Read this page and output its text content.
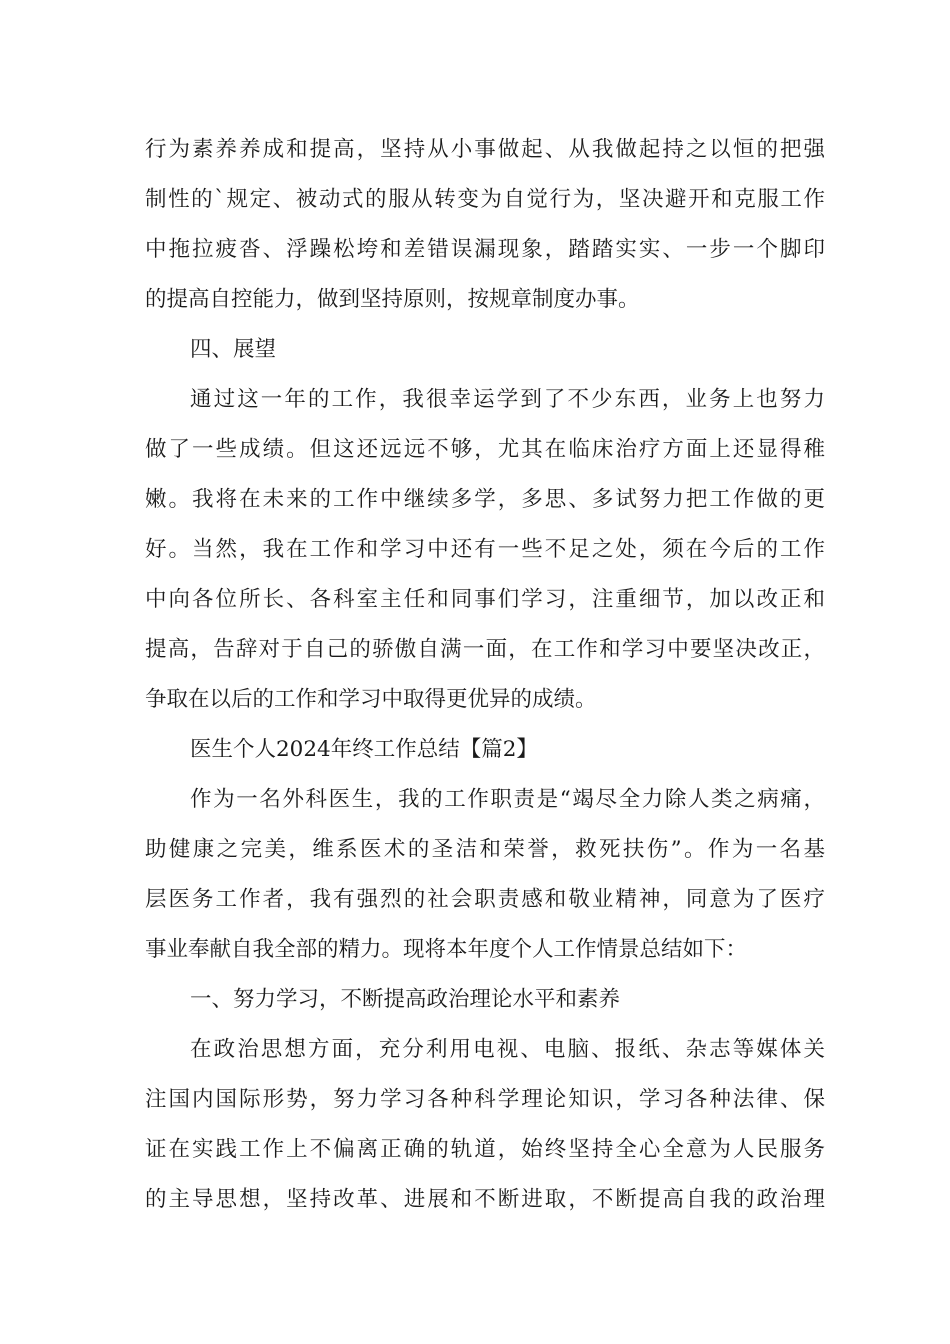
行为素养养成和提高，坚持从小事做起、从我做起持之以恒的把强
制性的`规定、被动式的服从转变为自觉行为，坚决避开和克服工作
中拖拉疲沓、浮躁松垮和差错误漏现象，踏踏实实、一步一个脚印
的提高自控能力，做到坚持原则，按规章制度办事。
四、展望
通过这一年的工作，我很幸运学到了不少东西，业务上也努力
做了一些成绩。但这还远远不够，尤其在临床治疗方面上还显得稚
嫩。我将在未来的工作中继续多学，多思、多试努力把工作做的更
好。当然，我在工作和学习中还有一些不足之处，须在今后的工作
中向各位所长、各科室主任和同事们学习，注重细节，加以改正和
提高，告辞对于自己的骄傲自满一面，在工作和学习中要坚决改正，
争取在以后的工作和学习中取得更优异的成绩。
医生个人2024年终工作总结【篇2】
作为一名外科医生，我的工作职责是“竭尽全力除人类之病痛，
助健康之完美，维系医术的圣洁和荣誉，救死扶伤”。作为一名基
层医务工作者，我有强烈的社会职责感和敬业精神，同意为了医疗
事业奉献自我全部的精力。现将本年度个人工作情景总结如下：
一、努力学习，不断提高政治理论水平和素养
在政治思想方面，充分利用电视、电脑、报纸、杂志等媒体关
注国内国际形势，努力学习各种科学理论知识，学习各种法律、保
证在实践工作上不偏离正确的轨道，始终坚持全心全意为人民服务
的主导思想，坚持改革、进展和不断进取，不断提高自我的政治理
